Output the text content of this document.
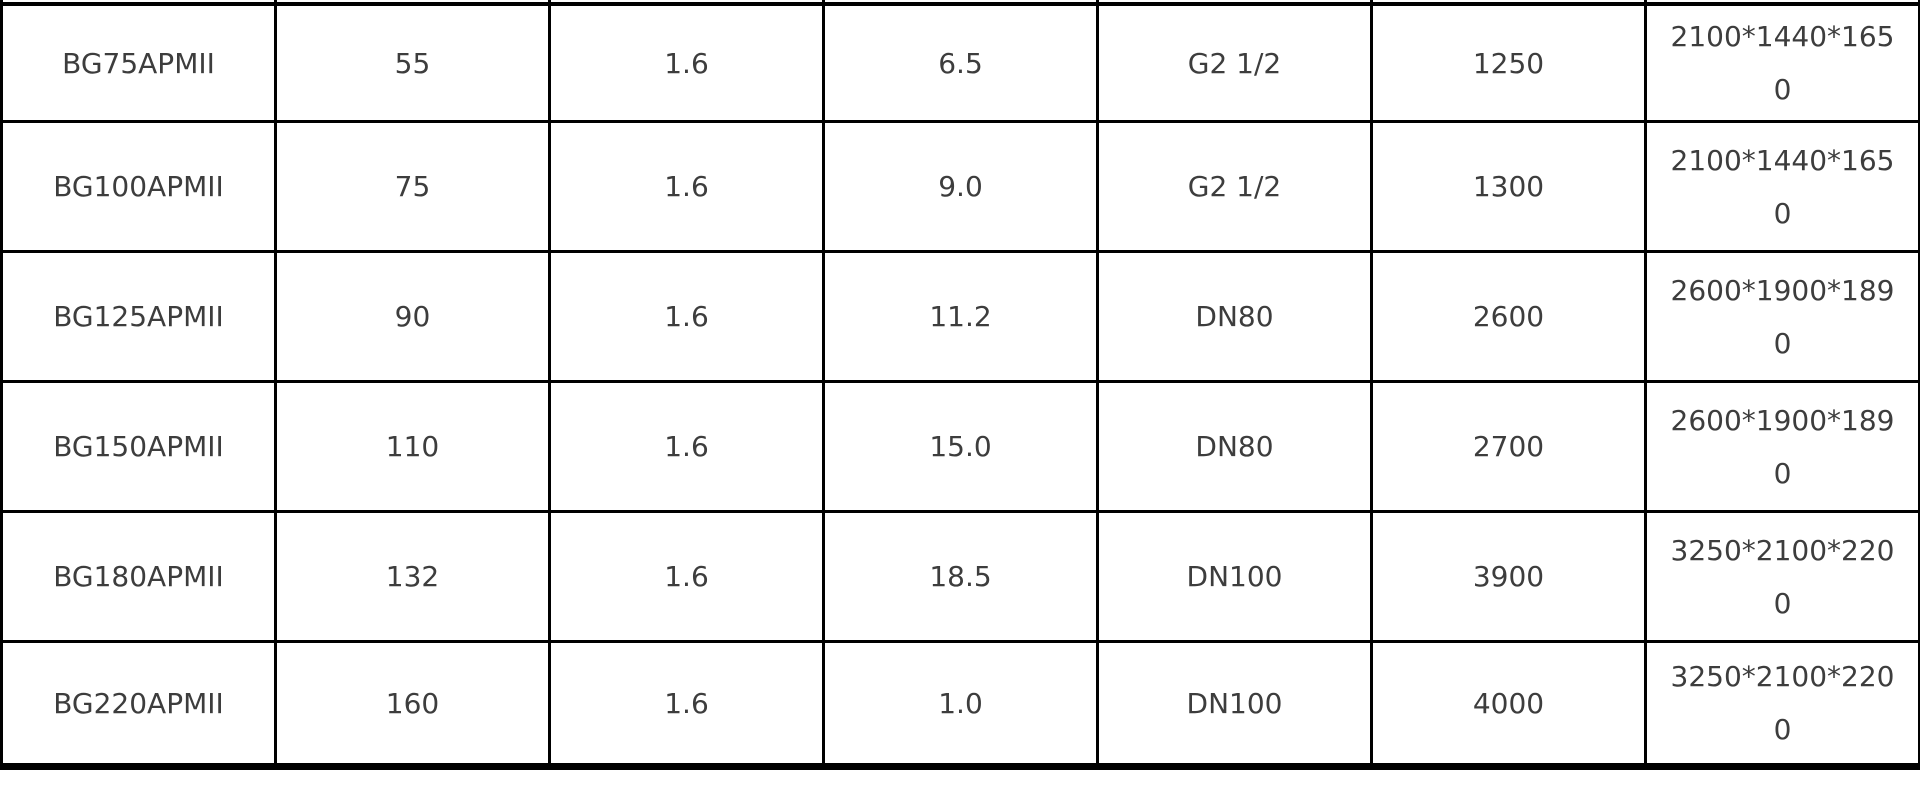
BG75APMII	55	1.6	6.5	G2 1/2	1250	2100*1440*1650
BG100APMII	75	1.6	9.0	G2 1/2	1300	2100*1440*1650
BG125APMII	90	1.6	11.2	DN80	2600	2600*1900*1890
BG150APMII	110	1.6	15.0	DN80	2700	2600*1900*1890
BG180APMII	132	1.6	18.5	DN100	3900	3250*2100*2200
BG220APMII	160	1.6	1.0	DN100	4000	3250*2100*2200
